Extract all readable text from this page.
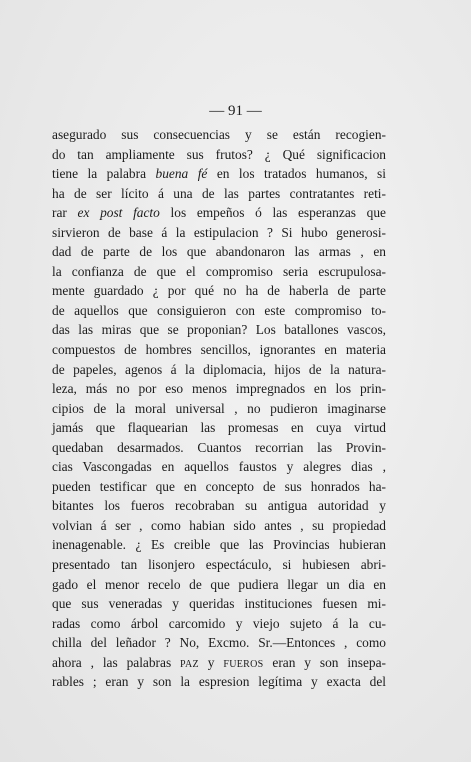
— 91 —
asegurado sus consecuencias y se están recogien-
do tan ampliamente sus frutos? ¿ Qué significacion
tiene la palabra buena fé en los tratados humanos, si
ha de ser lícito á una de las partes contratantes reti-
rar ex post facto los empeños ó las esperanzas que
sirvieron de base á la estipulacion ? Si hubo generosi-
dad de parte de los que abandonaron las armas , en
la confianza de que el compromiso seria escrupulosa-
mente guardado ¿ por qué no ha de haberla de parte
de aquellos que consiguieron con este compromiso to-
das las miras que se proponian? Los batallones vascos,
compuestos de hombres sencillos, ignorantes en materia
de papeles, agenos á la diplomacia, hijos de la natura-
leza, más no por eso menos impregnados en los prin-
cipios de la moral universal , no pudieron imaginarse
jamás que flaquearian las promesas en cuya virtud
quedaban desarmados. Cuantos recorrian las Provin-
cias Vascongadas en aquellos faustos y alegres dias ,
pueden testificar que en concepto de sus honrados ha-
bitantes los fueros recobraban su antigua autoridad y
volvian á ser , como habian sido antes , su propiedad
inenagenable. ¿ Es creible que las Provincias hubieran
presentado tan lisonjero espectáculo, si hubiesen abri-
gado el menor recelo de que pudiera llegar un dia en
que sus veneradas y queridas instituciones fuesen mi-
radas como árbol carcomido y viejo sujeto á la cu-
chilla del leñador ? No, Excmo. Sr.—Entonces , como
ahora , las palabras PAZ y FUEROS eran y son insepa-
rables ; eran y son la espresion legítima y exacta del
